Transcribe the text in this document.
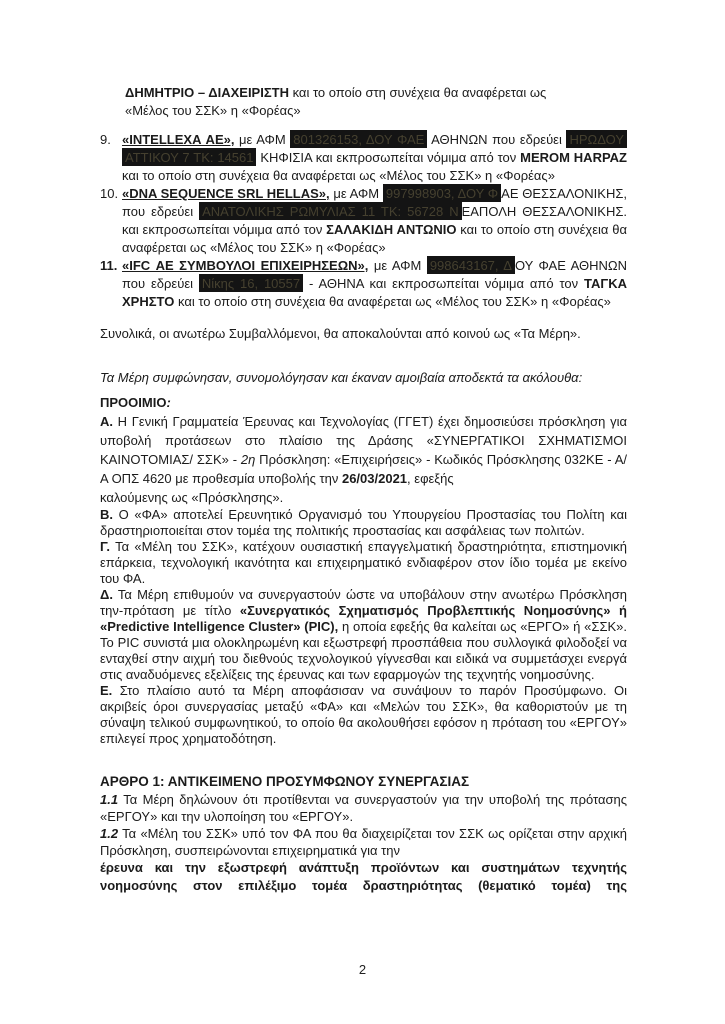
ΔΗΜΗΤΡΙΟ – ΔΙΑΧΕΙΡΙΣΤΗ και το οποίο στη συνέχεια θα αναφέρεται ως
«Μέλος του ΣΣΚ» η «Φορέας»

9. «INTELLEXA ΑΕ», με ΑΦΜ 801326153, ΔΟΥ ΦΑΕ ΑΘΗΝΩΝ που εδρεύει ΗΡΩΔΟΥ ΑΤΤΙΚΟΥ 7 ΤΚ: 14561 ΚΗΦΙΣΙΑ και εκπροσωπείται νόμιμα από τον MEROM HARPAZ και το οποίο στη συνέχεια θα αναφέρεται ως «Μέλος του ΣΣΚ» η «Φορέας»
10. «DNA SEQUENCE SRL HELLAS», με ΑΦΜ 997998903, ΔΟΥ Φ ΑΕ ΘΕΣΣΑΛΟΝΙΚΗΣ, που εδρεύει ΑΝΑΤΟΛΙΚΗΣ ΡΩΜΥΛΙΑΣ 11 ΤΚ: 56728 Ν ΕΑΠΟΛΗ ΘΕΣΣΑΛΟΝΙΚΗΣ. και εκπροσωπείται νόμιμα από τον ΣΑΛΑΚΙΔΗ ΑΝΤΩΝΙΟ και το οποίο στη συνέχεια θα αναφέρεται ως «Μέλος του ΣΣΚ» η «Φορέας»
11. «IFC ΑΕ ΣΥΜΒΟΥΛΟΙ ΕΠΙΧΕΙΡΗΣΕΩΝ», με ΑΦΜ 998643167, Δ ΟΥ ΦΑΕ ΑΘΗΝΩΝ που εδρεύει Νίκης 16, 10557 - ΑΘΗΝΑ και εκπροσωπείται νόμιμα από τον ΤΑΓΚΑ ΧΡΗΣΤΟ και το οποίο στη συνέχεια θα αναφέρεται ως «Μέλος του ΣΣΚ» η «Φορέας»

Συνολικά, οι ανωτέρω Συμβαλλόμενοι, θα αποκαλούνται από κοινού ως «Τα Μέρη».

Τα Μέρη συμφώνησαν, συνομολόγησαν και έκαναν αμοιβαία αποδεκτά τα ακόλουθα:

ΠΡΟΟΙΜΙΟ:

Α. Η Γενική Γραμματεία Έρευνας και Τεχνολογίας (ΓΓΕΤ) έχει δημοσιεύσει πρόσκληση για υποβολή προτάσεων στο πλαίσιο της Δράσης «ΣΥΝΕΡΓΑΤΙΚΟΙ ΣΧΗΜΑΤΙΣΜΟΙ ΚΑΙΝΟΤΟΜΙΑΣ/ ΣΣΚ» - 2η Πρόσκληση: «Επιχειρήσεις» - Κωδικός Πρόσκλησης 032ΚΕ - Α/Α ΟΠΣ 4620 με προθεσμία υποβολής την 26/03/2021, εφεξής
καλούμενης ως «Πρόσκλησης».

Β. Ο «ΦΑ» αποτελεί Ερευνητικό Οργανισμό του Υπουργείου Προστασίας του Πολίτη και δραστηριοποιείται στον τομέα της πολιτικής προστασίας και ασφάλειας των πολιτών.

Γ. Τα «Μέλη του ΣΣΚ», κατέχουν ουσιαστική επαγγελματική δραστηριότητα, επιστημονική επάρκεια, τεχνολογική ικανότητα και επιχειρηματικό ενδιαφέρον στον ίδιο τομέα με εκείνο του ΦΑ.

Δ. Τα Μέρη επιθυμούν να συνεργαστούν ώστε να υποβάλουν στην ανωτέρω Πρόσκληση την-πρόταση με τίτλο «Συνεργατικός Σχηματισμός Προβλεπτικής Νοημοσύνης» ή «Predictive Intelligence Cluster» (PIC), η οποία εφεξής θα καλείται ως «ΕΡΓΟ» ή «ΣΣΚ». Το PIC συνιστά μια ολοκληρωμένη και εξωστρεφή προσπάθεια που συλλογικά φιλοδοξεί να ενταχθεί στην αιχμή του διεθνούς τεχνολογικού γίγνεσθαι και ειδικά να συμμετάσχει ενεργά στις αναδυόμενες εξελίξεις της έρευνας και των εφαρμογών της τεχνητής νοημοσύνης.

Ε. Στο πλαίσιο αυτό τα Μέρη αποφάσισαν να συνάψουν το παρόν Προσύμφωνο. Οι ακριβείς όροι συνεργασίας μεταξύ «ΦΑ» και «Μελών του ΣΣΚ», θα καθοριστούν με τη σύναψη τελικού συμφωνητικού, το οποίο θα ακολουθήσει εφόσον η πρόταση του «ΕΡΓΟΥ» επιλεγεί προς χρηματοδότηση.

ΑΡΘΡΟ 1: ΑΝΤΙΚΕΙΜΕΝΟ ΠΡΟΣΥΜΦΩΝΟΥ ΣΥΝΕΡΓΑΣΙΑΣ

1.1 Τα Μέρη δηλώνουν ότι προτίθενται να συνεργαστούν για την υποβολή της πρότασης «ΕΡΓΟΥ» και την υλοποίηση του «ΕΡΓΟΥ».

1.2 Τα «Μέλη του ΣΣΚ» υπό τον ΦΑ που θα διαχειρίζεται τον ΣΣΚ ως ορίζεται στην αρχική Πρόσκληση, συσπειρώνονται επιχειρηματικά για την

έρευνα και την εξωστρεφή ανάπτυξη προϊόντων και συστημάτων τεχνητής νοημοσύνης στον επιλέξιμο τομέα δραστηριότητας (θεματικό τομέα) της

2
